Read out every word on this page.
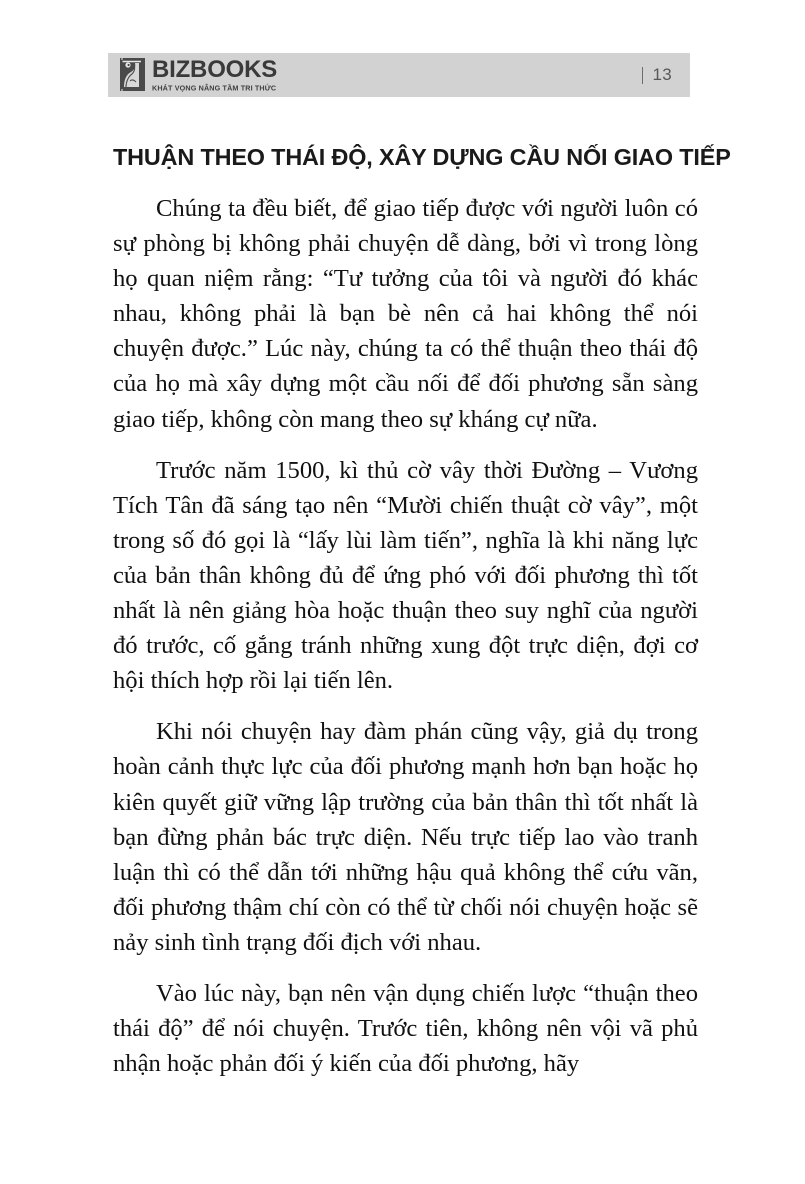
BIZBOOKS
KHÁT VỌNG NÂNG TẦM TRI THỨC
13
THUẬN THEO THÁI ĐỘ, XÂY DỰNG CẦU NỐI GIAO TIẾP

Chúng ta đều biết, để giao tiếp được với người luôn có sự phòng bị không phải chuyện dễ dàng, bởi vì trong lòng họ quan niệm rằng: “Tư tưởng của tôi và người đó khác nhau, không phải là bạn bè nên cả hai không thể nói chuyện được.” Lúc này, chúng ta có thể thuận theo thái độ của họ mà xây dựng một cầu nối để đối phương sẵn sàng giao tiếp, không còn mang theo sự kháng cự nữa.

Trước năm 1500, kì thủ cờ vây thời Đường – Vương Tích Tân đã sáng tạo nên “Mười chiến thuật cờ vây”, một trong số đó gọi là “lấy lùi làm tiến”, nghĩa là khi năng lực của bản thân không đủ để ứng phó với đối phương thì tốt nhất là nên giảng hòa hoặc thuận theo suy nghĩ của người đó trước, cố gắng tránh những xung đột trực diện, đợi cơ hội thích hợp rồi lại tiến lên.

Khi nói chuyện hay đàm phán cũng vậy, giả dụ trong hoàn cảnh thực lực của đối phương mạnh hơn bạn hoặc họ kiên quyết giữ vững lập trường của bản thân thì tốt nhất là bạn đừng phản bác trực diện. Nếu trực tiếp lao vào tranh luận thì có thể dẫn tới những hậu quả không thể cứu vãn, đối phương thậm chí còn có thể từ chối nói chuyện hoặc sẽ nảy sinh tình trạng đối địch với nhau.

Vào lúc này, bạn nên vận dụng chiến lược “thuận theo thái độ” để nói chuyện. Trước tiên, không nên vội vã phủ nhận hoặc phản đối ý kiến của đối phương, hãy
